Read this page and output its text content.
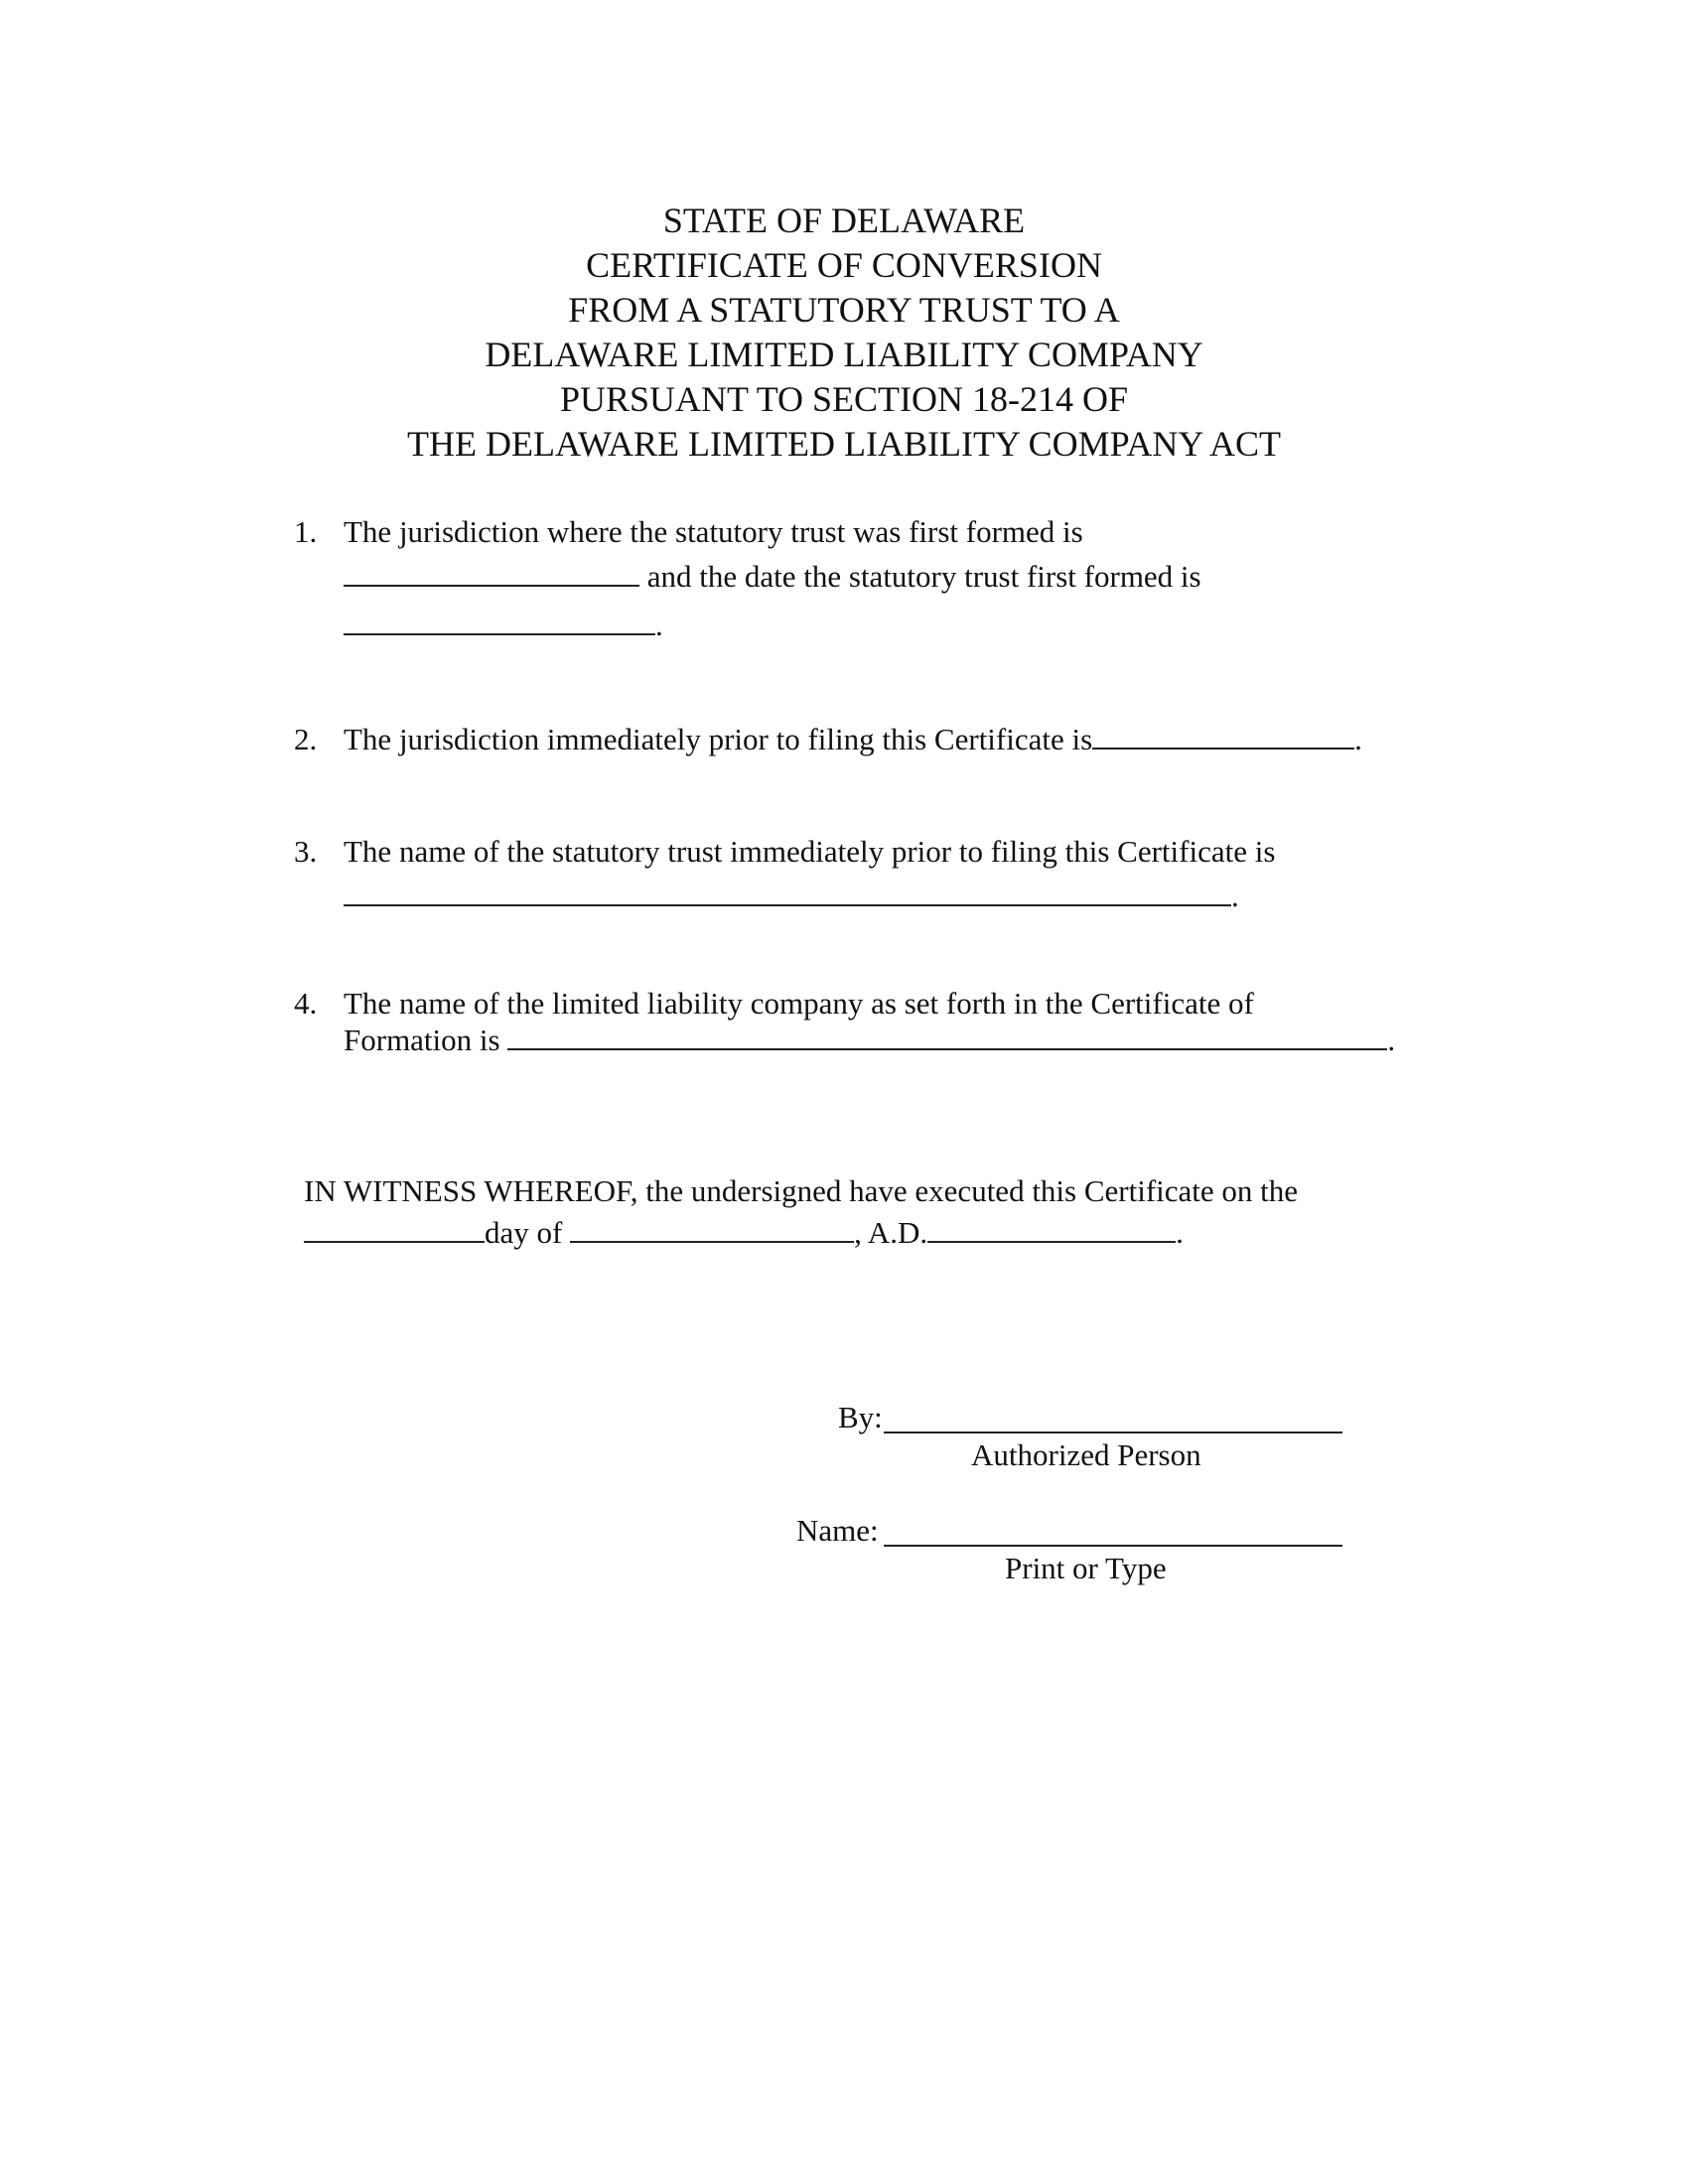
STATE OF DELAWARE
CERTIFICATE OF CONVERSION
FROM A STATUTORY TRUST TO A
DELAWARE LIMITED LIABILITY COMPANY
PURSUANT TO SECTION 18-214 OF
THE DELAWARE LIMITED LIABILITY COMPANY ACT
1. The jurisdiction where the statutory trust was first formed is
and the date the statutory trust first formed is
.
2. The jurisdiction immediately prior to filing this Certificate is	.
3. The name of the statutory trust immediately prior to filing this Certificate is
.
4. The name of the limited liability company as set forth in the Certificate of
Formation is	.
IN WITNESS WHEREOF, the undersigned have executed this Certificate on the
day of	, A.D.	.
By:
Authorized Person
Name:
Print or Type
